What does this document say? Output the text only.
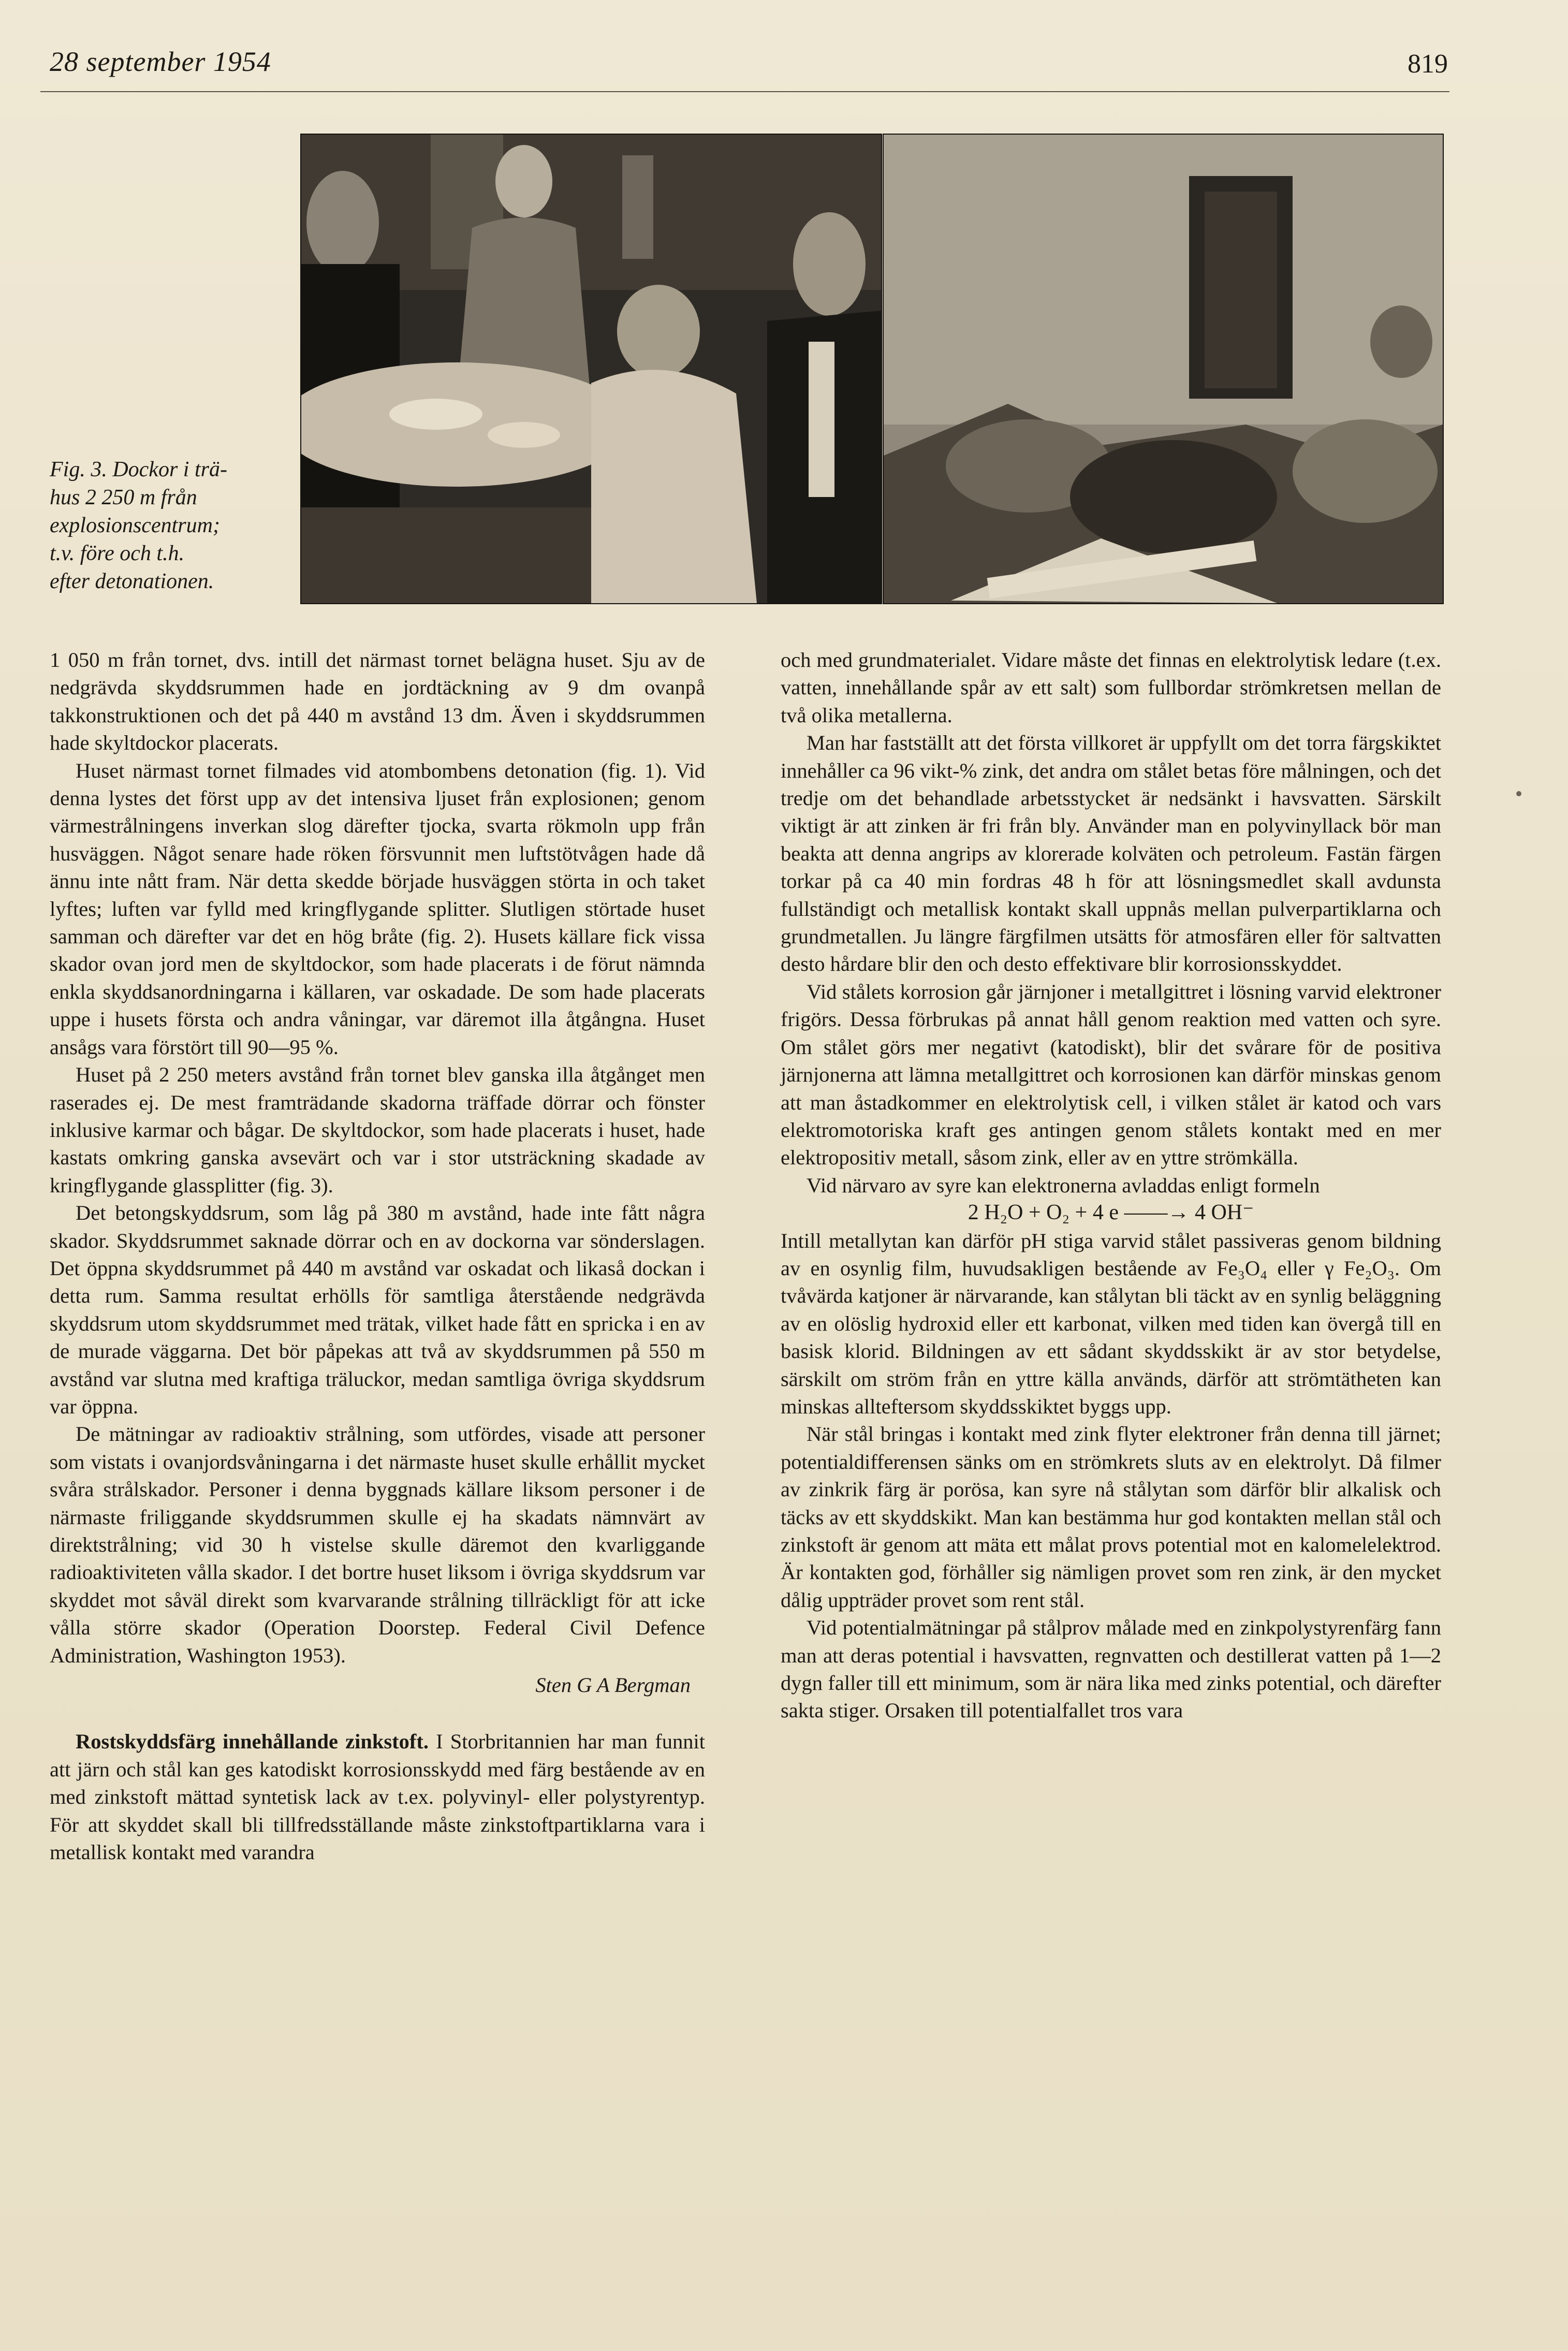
28 september 1954	819
Fig. 3. Dockor i trä-
hus 2 250 m från
explosionscentrum;
t.v. före och t.h.
efter detonationen.

1 050 m från tornet, dvs. intill det närmast tornet belägna huset. Sju av de nedgrävda skyddsrummen hade en jordtäckning av 9 dm ovanpå takkonstruktionen och det på 440 m avstånd 13 dm. Även i skyddsrummen hade skyltdockor placerats.

Huset närmast tornet filmades vid atombombens detonation (fig. 1). Vid denna lystes det först upp av det intensiva ljuset från explosionen; genom värmestrålningens inverkan slog därefter tjocka, svarta rökmoln upp från husväggen. Något senare hade röken försvunnit men luftstötvågen hade då ännu inte nått fram. När detta skedde började husväggen störta in och taket lyftes; luften var fylld med kringflygande splitter. Slutligen störtade huset samman och därefter var det en hög bråte (fig. 2). Husets källare fick vissa skador ovan jord men de skyltdockor, som hade placerats i de förut nämnda enkla skyddsanordningarna i källaren, var oskadade. De som hade placerats uppe i husets första och andra våningar, var däremot illa åtgångna. Huset ansågs vara förstört till 90—95 %.

Huset på 2 250 meters avstånd från tornet blev ganska illa åtgånget men raserades ej. De mest framträdande skadorna träffade dörrar och fönster inklusive karmar och bågar. De skyltdockor, som hade placerats i huset, hade kastats omkring ganska avsevärt och var i stor utsträckning skadade av kringflygande glassplitter (fig. 3).

Det betongskyddsrum, som låg på 380 m avstånd, hade inte fått några skador. Skyddsrummet saknade dörrar och en av dockorna var sönderslagen. Det öppna skyddsrummet på 440 m avstånd var oskadat och likaså dockan i detta rum. Samma resultat erhölls för samtliga återstående nedgrävda skyddsrum utom skyddsrummet med trätak, vilket hade fått en spricka i en av de murade väggarna. Det bör påpekas att två av skyddsrummen på 550 m avstånd var slutna med kraftiga träluckor, medan samtliga övriga skyddsrum var öppna.

De mätningar av radioaktiv strålning, som utfördes, visade att personer som vistats i ovanjordsvåningarna i det närmaste huset skulle erhållit mycket svåra strålskador. Personer i denna byggnads källare liksom personer i de närmaste friliggande skyddsrummen skulle ej ha skadats nämnvärt av direktstrålning; vid 30 h vistelse skulle däremot den kvarliggande radioaktiviteten vålla skador. I det bortre huset liksom i övriga skyddsrum var skyddet mot såväl direkt som kvarvarande strålning tillräckligt för att icke vålla större skador (Operation Doorstep. Federal Civil Defence Administration, Washington 1953).

Sten G A Bergman

Rostskyddsfärg innehållande zinkstoft. I Storbritannien har man funnit att järn och stål kan ges katodiskt korrosionsskydd med färg bestående av en med zinkstoft mättad syntetisk lack av t.ex. polyvinyl- eller polystyrentyp. För att skyddet skall bli tillfredsställande måste zinkstoftpartiklarna vara i metallisk kontakt med varandra

och med grundmaterialet. Vidare måste det finnas en elektrolytisk ledare (t.ex. vatten, innehållande spår av ett salt) som fullbordar strömkretsen mellan de två olika metallerna.

Man har fastställt att det första villkoret är uppfyllt om det torra färgskiktet innehåller ca 96 vikt-% zink, det andra om stålet betas före målningen, och det tredje om det behandlade arbetsstycket är nedsänkt i havsvatten. Särskilt viktigt är att zinken är fri från bly. Använder man en polyvinyllack bör man beakta att denna angrips av klorerade kolväten och petroleum. Fastän färgen torkar på ca 40 min fordras 48 h för att lösningsmedlet skall avdunsta fullständigt och metallisk kontakt skall uppnås mellan pulverpartiklarna och grundmetallen. Ju längre färgfilmen utsätts för atmosfären eller för saltvatten desto hårdare blir den och desto effektivare blir korrosionsskyddet.

Vid stålets korrosion går järnjoner i metallgittret i lösning varvid elektroner frigörs. Dessa förbrukas på annat håll genom reaktion med vatten och syre. Om stålet görs mer negativt (katodiskt), blir det svårare för de positiva järnjonerna att lämna metallgittret och korrosionen kan därför minskas genom att man åstadkommer en elektrolytisk cell, i vilken stålet är katod och vars elektromotoriska kraft ges antingen genom stålets kontakt med en mer elektropositiv metall, såsom zink, eller av en yttre strömkälla.

Vid närvaro av syre kan elektronerna avladdas enligt formeln

2 H₂O + O₂ + 4 e ——→ 4 OH⁻

Intill metallytan kan därför pH stiga varvid stålet passiveras genom bildning av en osynlig film, huvudsakligen bestående av Fe₃O₄ eller γ Fe₂O₃. Om tvåvärda katjoner är närvarande, kan stålytan bli täckt av en synlig beläggning av en olöslig hydroxid eller ett karbonat, vilken med tiden kan övergå till en basisk klorid. Bildningen av ett sådant skyddsskikt är av stor betydelse, särskilt om ström från en yttre källa används, därför att strömtätheten kan minskas allteftersom skyddsskiktet byggs upp.

När stål bringas i kontakt med zink flyter elektroner från denna till järnet; potentialdifferensen sänks om en strömkrets sluts av en elektrolyt. Då filmer av zinkrik färg är porösa, kan syre nå stålytan som därför blir alkalisk och täcks av ett skyddskikt. Man kan bestämma hur god kontakten mellan stål och zinkstoft är genom att mäta ett målat provs potential mot en kalomelelektrod. Är kontakten god, förhåller sig nämligen provet som ren zink, är den mycket dålig uppträder provet som rent stål.

Vid potentialmätningar på stålprov målade med en zinkpolystyrenfärg fann man att deras potential i havsvatten, regnvatten och destillerat vatten på 1—2 dygn faller till ett minimum, som är nära lika med zinks potential, och därefter sakta stiger. Orsaken till potentialfallet tros vara
